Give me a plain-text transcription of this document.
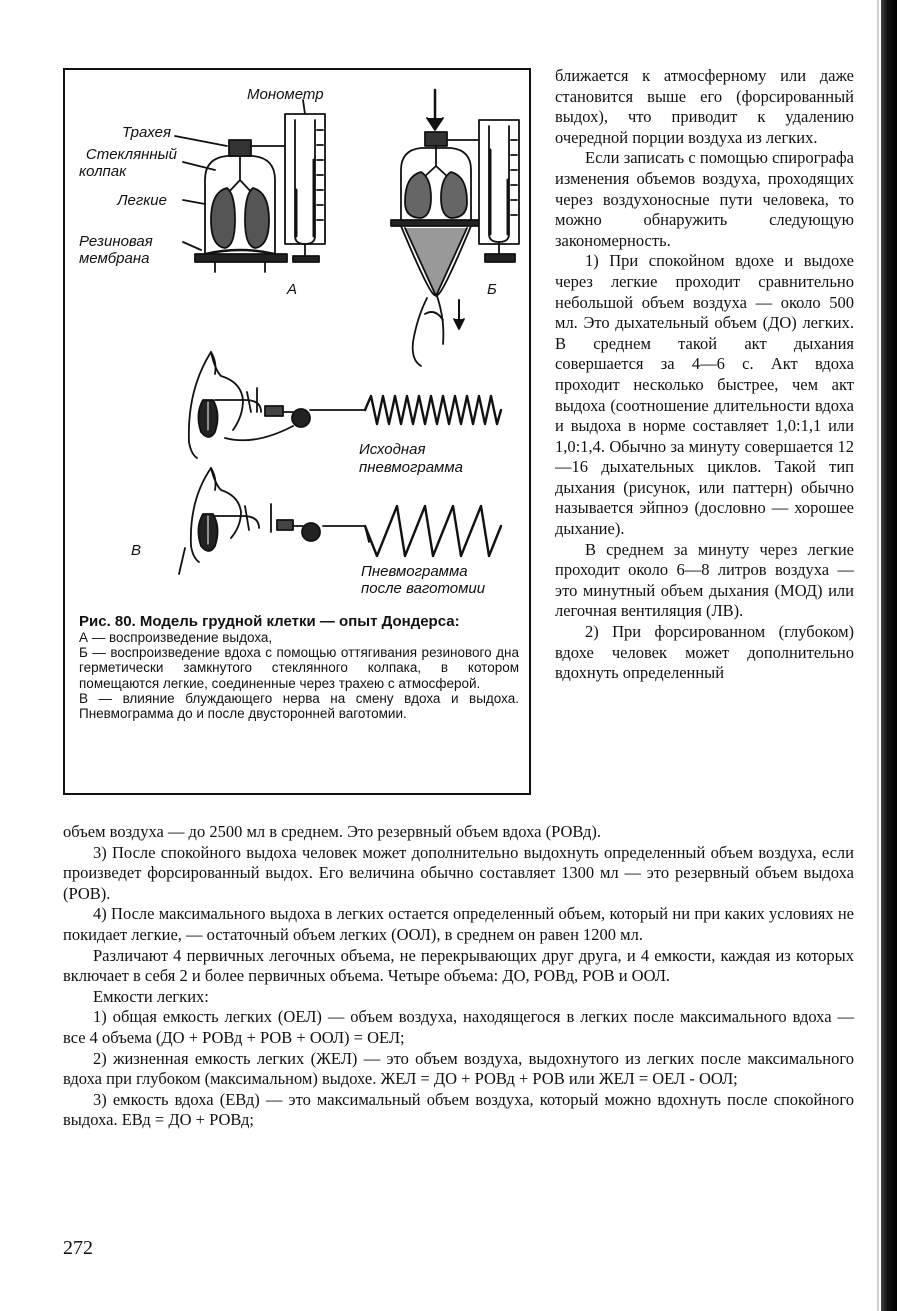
Монометр
Трахея
Стеклянный
колпак
Легкие
Резиновая
мембрана
А	Б
Исходная
пневмограмма
В
Пневмограмма
после ваготомии

Рис. 80. Модель грудной клетки — опыт Дондерса:

А — воспроизведение выдоха,

Б — воспроизведение вдоха с помощью оттягивания резинового дна герметически замкнутого стеклянного колпака, в котором помещаются легкие, соединенные через трахею с атмосферой.

В — влияние блуждающего нерва на смену вдоха и выдоха. Пневмограмма до и после двусторонней ваготомии.

ближается к атмосферному или даже становится выше его (форсированный выдох), что приводит к удалению очередной порции воздуха из легких.

Если записать с помощью спирографа изменения объемов воздуха, проходящих через воздухоносные пути человека, то можно обнаружить следующую закономерность.

1) При спокойном вдохе и выдохе через легкие проходит сравнительно небольшой объем воздуха — около 500 мл. Это дыхательный объем (ДО) легких. В среднем такой акт дыхания совершается за 4—6 с. Акт вдоха проходит несколько быстрее, чем акт выдоха (соотношение длительности вдоха и выдоха в норме составляет 1,0:1,1 или 1,0:1,4. Обычно за минуту совершается 12—16 дыхательных циклов. Такой тип дыхания (рисунок, или паттерн) обычно называется эйпноэ (дословно — хорошее дыхание).

В среднем за минуту через легкие проходит около 6—8 литров воздуха — это минутный объем дыхания (МОД) или легочная вентиляция (ЛВ).

2) При форсированном (глубоком) вдохе человек может дополнительно вдохнуть определенный

объем воздуха — до 2500 мл в среднем. Это резервный объем вдоха (РОВд).

3) После спокойного выдоха человек может дополнительно выдохнуть определенный объем воздуха, если произведет форсированный выдох. Его величина обычно составляет 1300 мл — это резервный объем выдоха (РОВ).

4) После максимального выдоха в легких остается определенный объем, который ни при каких условиях не покидает легкие, — остаточный объем легких (ООЛ), в среднем он равен 1200 мл.

Различают 4 первичных легочных объема, не перекрывающих друг друга, и 4 емкости, каждая из которых включает в себя 2 и более первичных объема. Четыре объема: ДО, РОВд, РОВ и ООЛ.

Емкости легких:

1) общая емкость легких (ОЕЛ) — объем воздуха, находящегося в легких после максимального вдоха — все 4 объема (ДО + РОВд + РОВ + ООЛ) = ОЕЛ;

2) жизненная емкость легких (ЖЕЛ) — это объем воздуха, выдохнутого из легких после максимального вдоха при глубоком (максимальном) выдохе. ЖЕЛ = ДО + РОВд + РОВ или ЖЕЛ = ОЕЛ - ООЛ;

3) емкость вдоха (ЕВд) — это максимальный объем воздуха, который можно вдохнуть после спокойного выдоха. ЕВд = ДО + РОВд;

272
